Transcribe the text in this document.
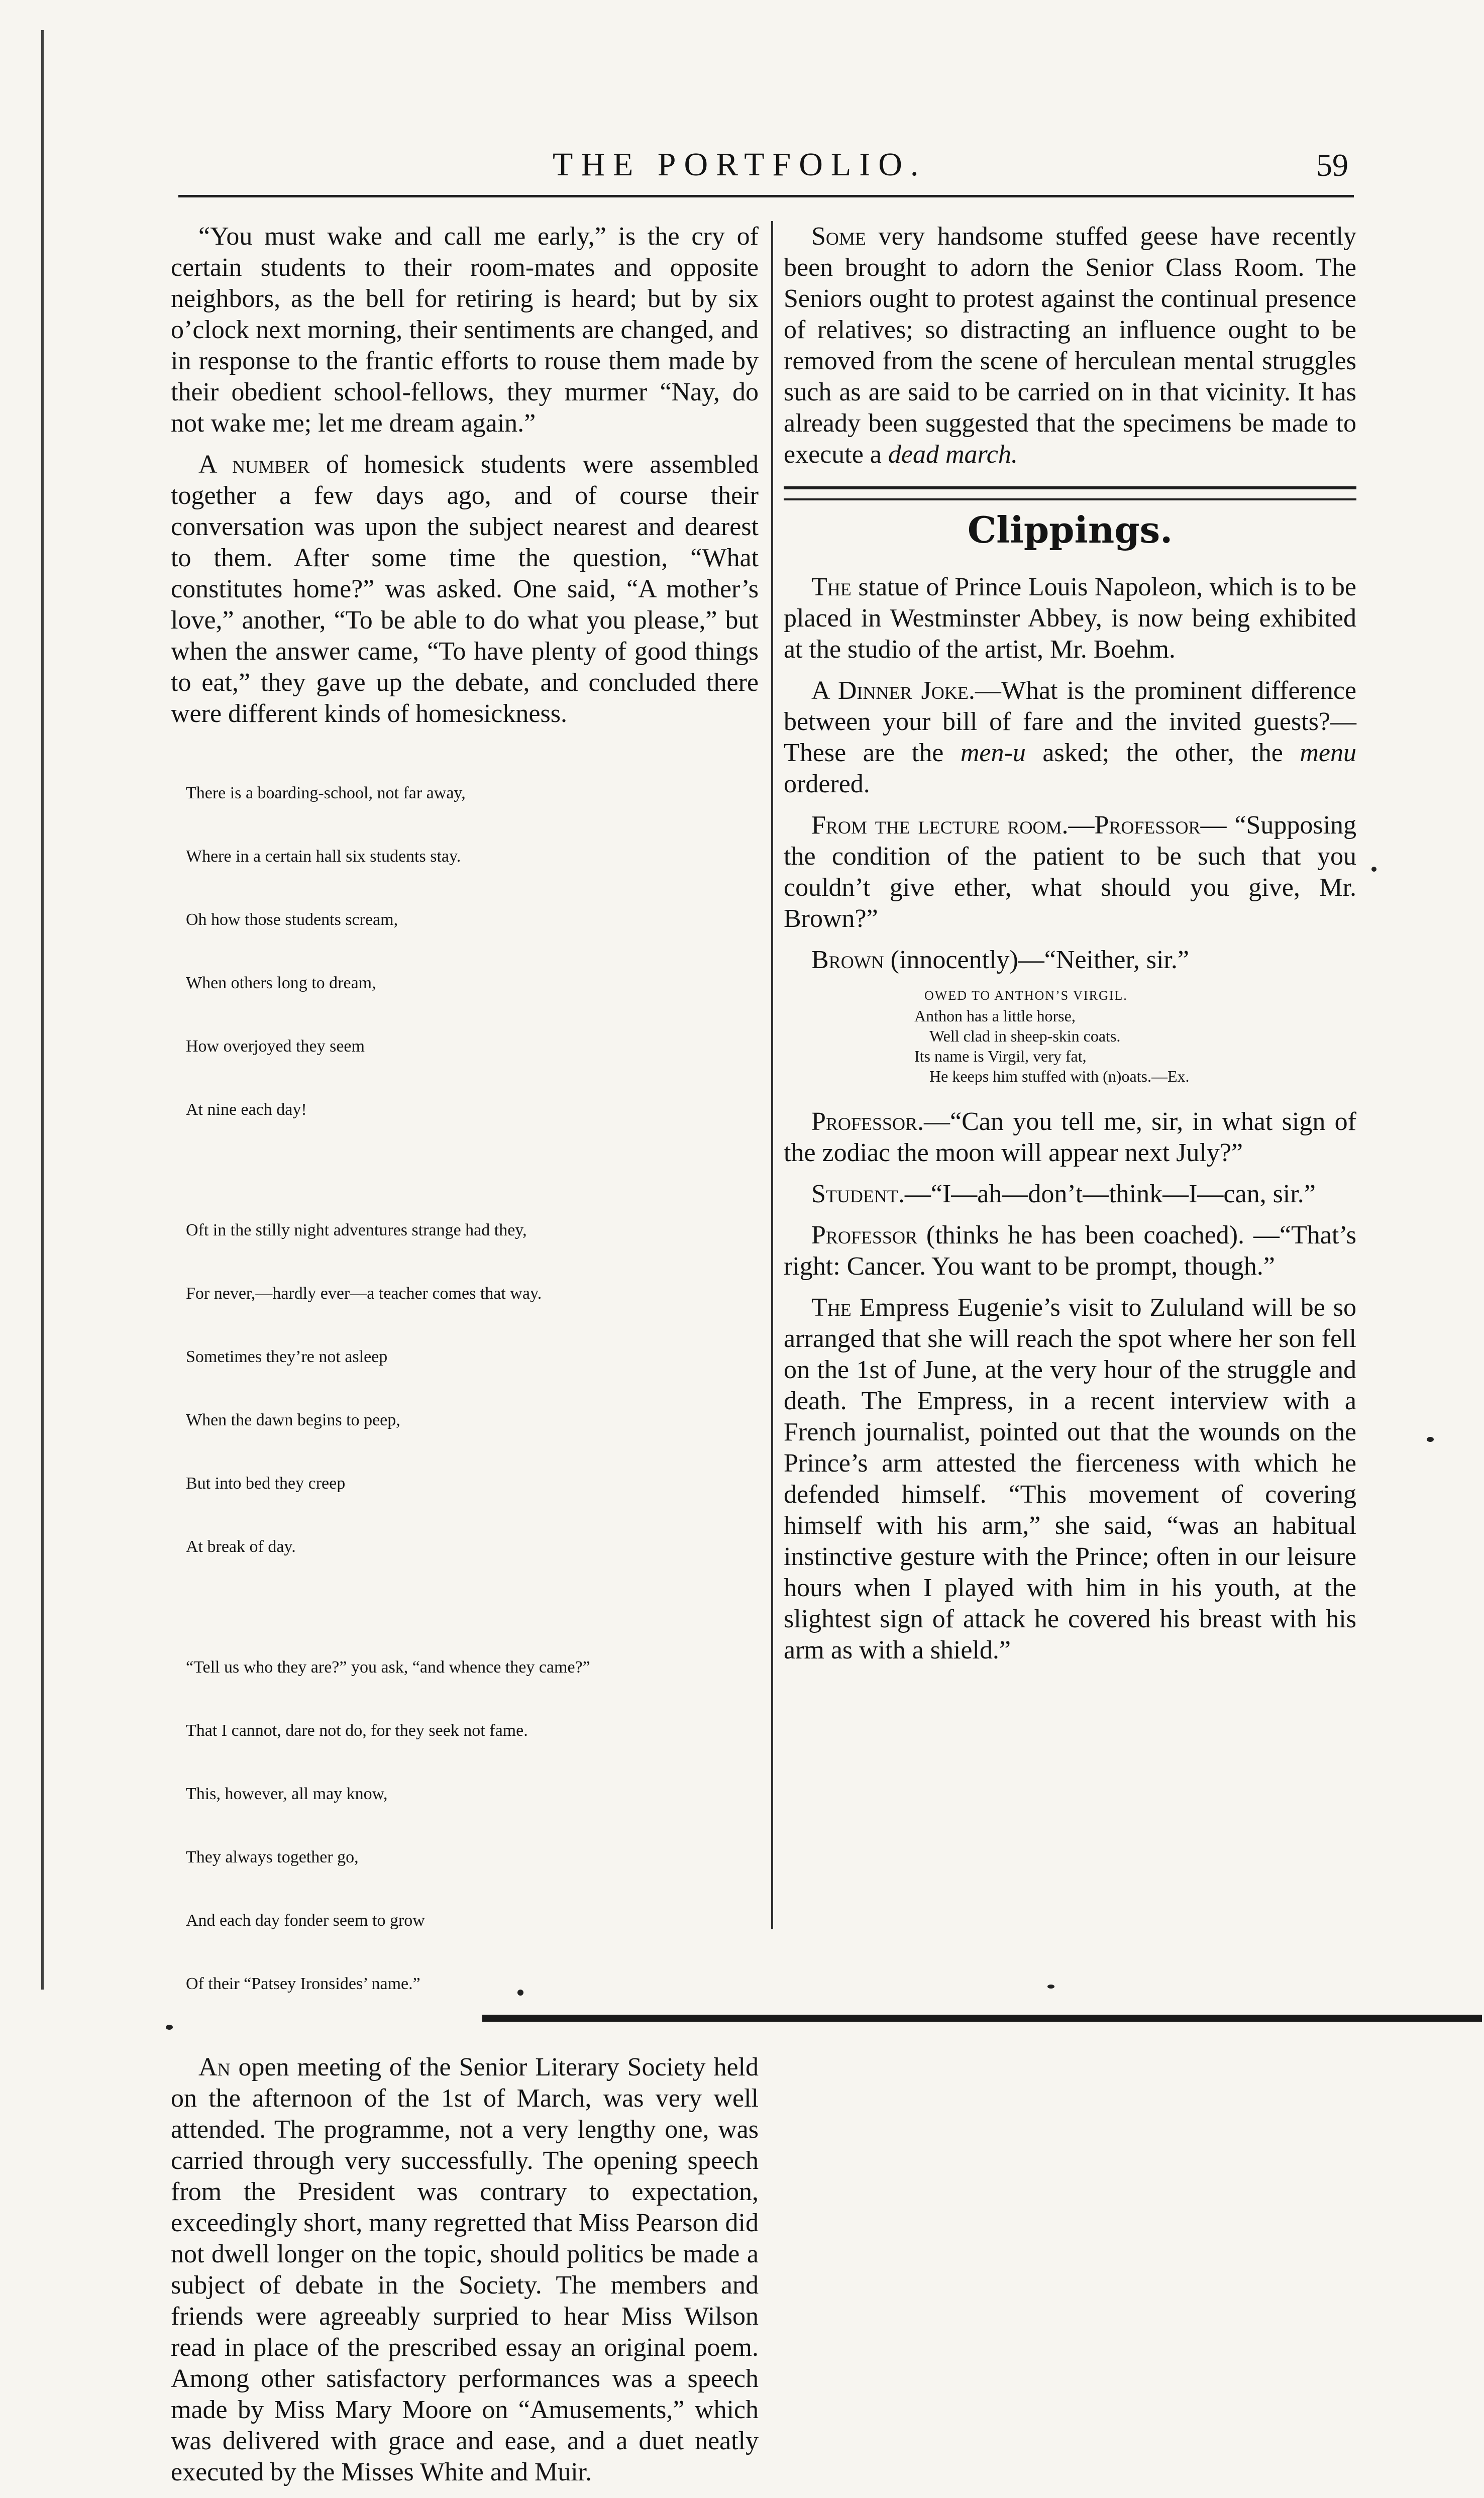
THE PORTFOLIO.	59

“You must wake and call me early,” is the cry of certain students to their room-mates and opposite neighbors, as the bell for retiring is heard; but by six o’clock next morning, their sentiments are changed, and in response to the frantic efforts to rouse them made by their obedient school-fellows, they murmer “Nay, do not wake me; let me dream again.”

A number of homesick students were assembled together a few days ago, and of course their conversation was upon the subject nearest and dearest to them. After some time the question, “What constitutes home?” was asked. One said, “A mother’s love,” another, “To be able to do what you please,” but when the answer came, “To have plenty of good things to eat,” they gave up the debate, and concluded there were different kinds of homesickness.

There is a boarding-school, not far away,

Where in a certain hall six students stay.

Oh how those students scream,

When others long to dream,

How overjoyed they seem

At nine each day!

Oft in the stilly night adventures strange had they,

For never,—hardly ever—a teacher comes that way.

Sometimes they’re not asleep

When the dawn begins to peep,

But into bed they creep

At break of day.

“Tell us who they are?” you ask, “and whence they came?”

That I cannot, dare not do, for they seek not fame.

This, however, all may know,

They always together go,

And each day fonder seem to grow

Of their “Patsey Ironsides’ name.”

An open meeting of the Senior Literary Society held on the afternoon of the 1st of March, was very well attended. The programme, not a very lengthy one, was carried through very successfully. The opening speech from the President was contrary to expectation, exceedingly short, many regretted that Miss Pearson did not dwell longer on the topic, should politics be made a subject of debate in the Society. The members and friends were agreeably surpried to hear Miss Wilson read in place of the prescribed essay an original poem. Among other satisfactory performances was a speech made by Miss Mary Moore on “Amusements,” which was delivered with grace and ease, and a duet neatly executed by the Misses White and Muir.

Some very handsome stuffed geese have recently been brought to adorn the Senior Class Room. The Seniors ought to protest against the continual presence of relatives; so distracting an influence ought to be removed from the scene of herculean mental struggles such as are said to be carried on in that vicinity. It has already been suggested that the specimens be made to execute a dead march.

Clippings.

The statue of Prince Louis Napoleon, which is to be placed in Westminster Abbey, is now being exhibited at the studio of the artist, Mr. Boehm.

A Dinner Joke.—What is the prominent difference between your bill of fare and the invited guests?—These are the men-u asked; the other, the menu ordered.

From the lecture room.—Professor— “Supposing the condition of the patient to be such that you couldn’t give ether, what should you give, Mr. Brown?”

Brown (innocently)—“Neither, sir.”

OWED TO ANTHON’S VIRGIL.
Anthon has a little horse,
Well clad in sheep-skin coats.
Its name is Virgil, very fat,
He keeps him stuffed with (n)oats.—Ex.

Professor.—“Can you tell me, sir, in what sign of the zodiac the moon will appear next July?”

Student.—“I—ah—don’t—think—I—can, sir.”

Professor (thinks he has been coached). —“That’s right: Cancer. You want to be prompt, though.”

The Empress Eugenie’s visit to Zululand will be so arranged that she will reach the spot where her son fell on the 1st of June, at the very hour of the struggle and death. The Empress, in a recent interview with a French journalist, pointed out that the wounds on the Prince’s arm attested the fierceness with which he defended himself. “This movement of covering himself with his arm,” she said, “was an habitual instinctive gesture with the Prince; often in our leisure hours when I played with him in his youth, at the slightest sign of attack he covered his breast with his arm as with a shield.”
